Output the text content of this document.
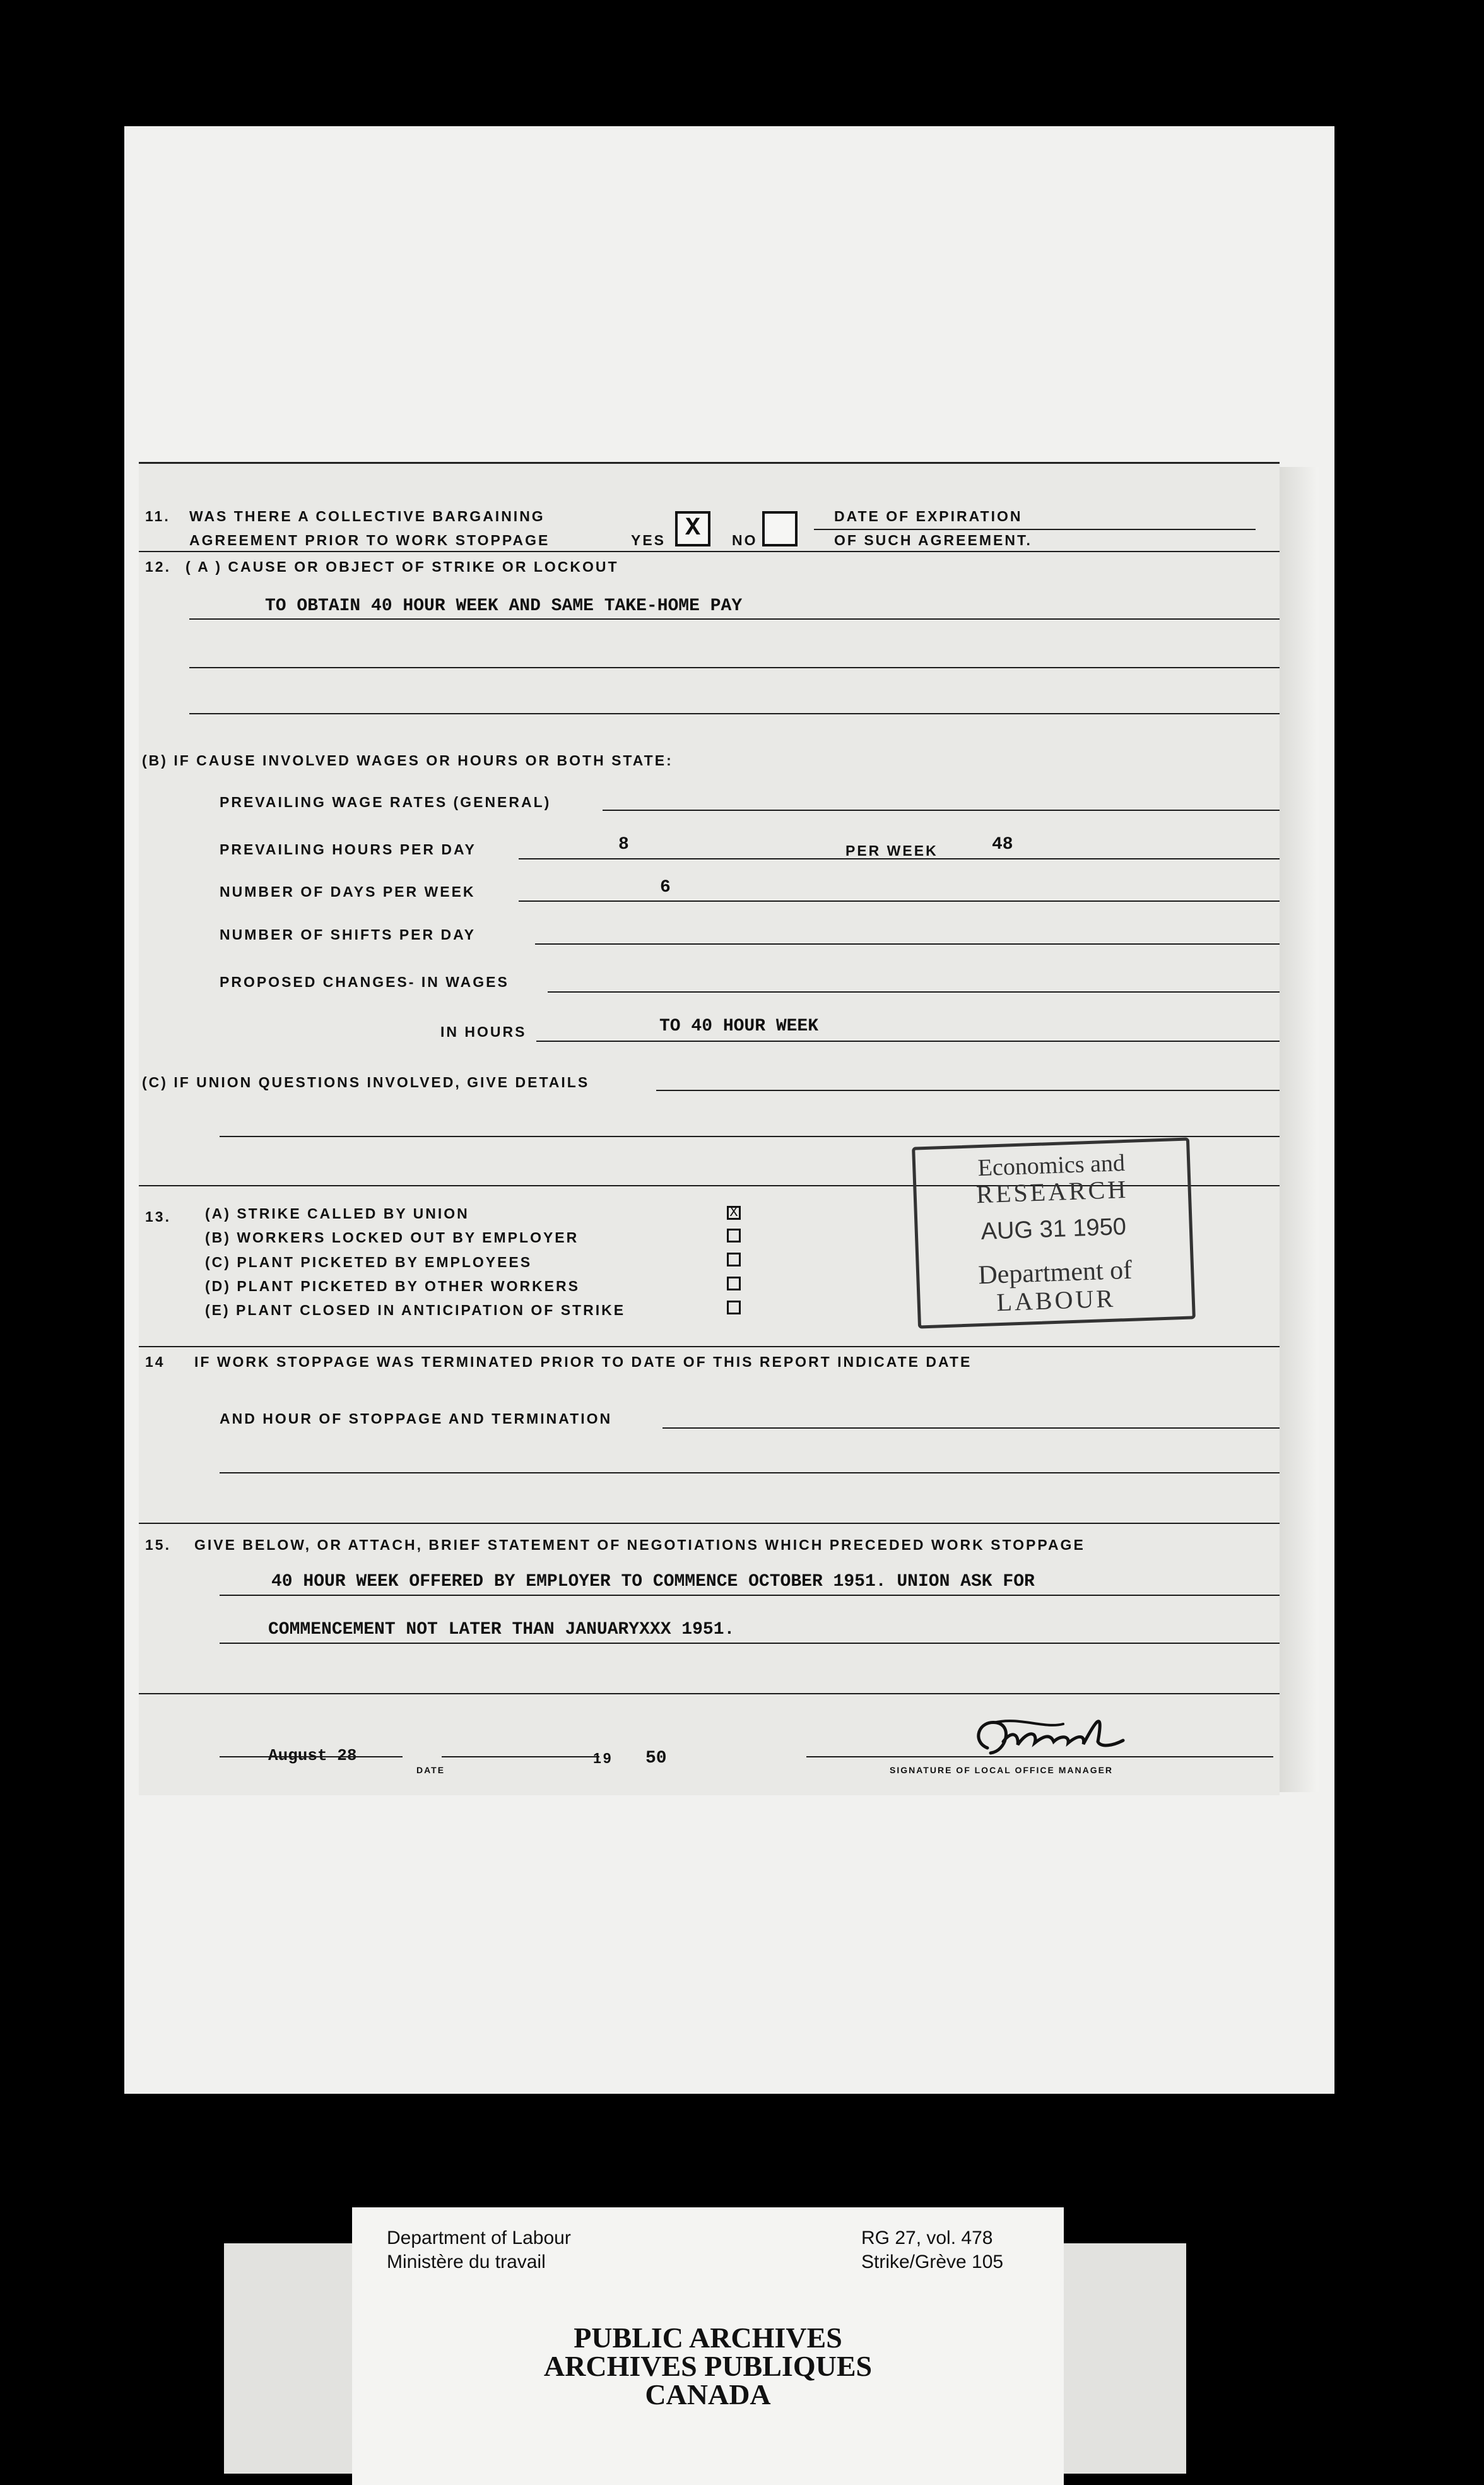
11. WAS THERE A COLLECTIVE BARGAINING
AGREEMENT PRIOR TO WORK STOPPAGE	YES X	NO
DATE OF EXPIRATION
OF SUCH AGREEMENT.
12. ( A ) CAUSE OR OBJECT OF STRIKE OR LOCKOUT
TO OBTAIN 40 HOUR WEEK AND SAME TAKE-HOME PAY
(B) IF CAUSE INVOLVED WAGES OR HOURS OR BOTH STATE:
PREVAILING WAGE RATES (GENERAL)
PREVAILING HOURS PER DAY	8	PER WEEK	48
NUMBER OF DAYS PER WEEK	6
NUMBER OF SHIFTS PER DAY
PROPOSED CHANGES- IN WAGES
IN HOURS	TO 40 HOUR WEEK
(C) IF UNION QUESTIONS INVOLVED, GIVE DETAILS
13. (A) STRIKE CALLED BY UNION	X
(B) WORKERS LOCKED OUT BY EMPLOYER
(C) PLANT PICKETED BY EMPLOYEES
(D) PLANT PICKETED BY OTHER WORKERS
(E) PLANT CLOSED IN ANTICIPATION OF STRIKE
14 IF WORK STOPPAGE WAS TERMINATED PRIOR TO DATE OF THIS REPORT INDICATE DATE
AND HOUR OF STOPPAGE AND TERMINATION
15. GIVE BELOW, OR ATTACH, BRIEF STATEMENT OF NEGOTIATIONS WHICH PRECEDED WORK STOPPAGE
40 HOUR WEEK OFFERED BY EMPLOYER TO COMMENCE OCTOBER 1951. UNION ASK FOR
COMMENCEMENT NOT LATER THAN JANUARYXXX 1951.
August 28
DATE
19 50
SIGNATURE OF LOCAL OFFICE MANAGER
Economics and
RESEARCH
AUG 31 1950
Department of
LABOUR
Department of Labour
Ministère du travail
RG 27, vol. 478
Strike/Grève 105
PUBLIC ARCHIVES
ARCHIVES PUBLIQUES
CANADA
